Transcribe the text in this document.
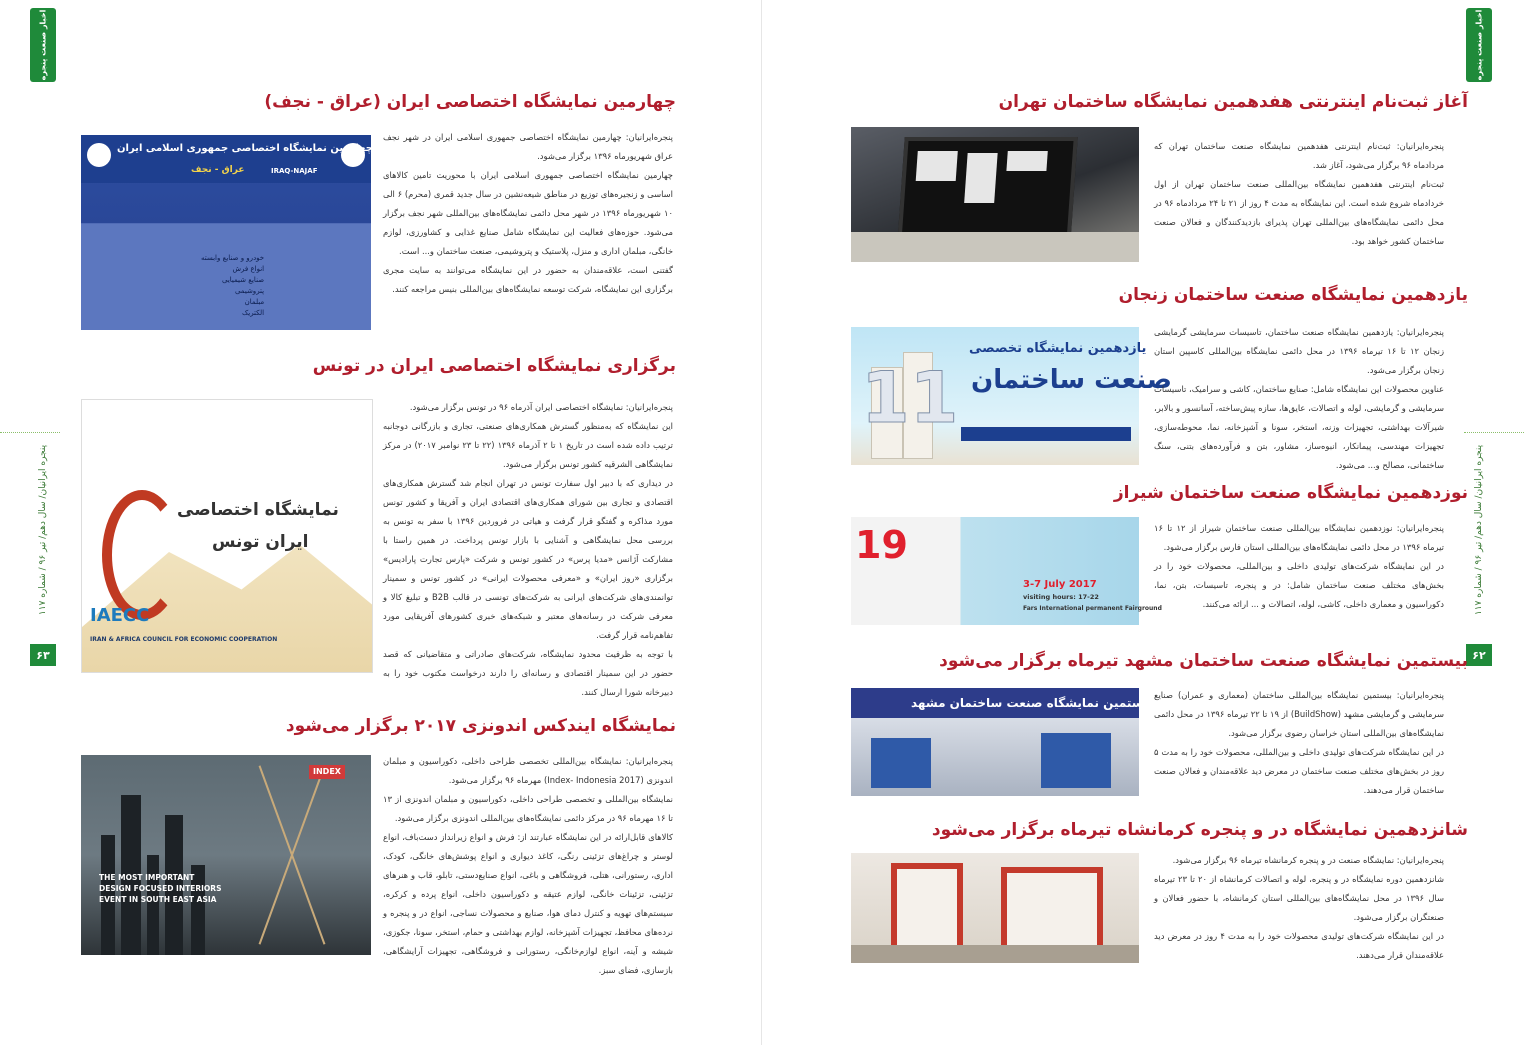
اخبار صنعت پنجره
پنجره ایرانیان/ سال دهم/ تیر ۹۶ / شماره ۱۱۷
۶۳
چهارمین نمایشگاه اختصاصی ایران (عراق - نجف)
چهارمین نمایشگاه اختصاصی جمهوری اسلامی ایران
عراق - نجف	IRAQ-NAJAF
خودرو و صنایع وابسته
انواع فرش
صنایع شیمیایی
پتروشیمی
مبلمان
الکتریک

پنجره‌ایرانیان: چهارمین نمایشگاه اختصاصی جمهوری اسلامی ایران در شهر نجف عراق شهریورماه ۱۳۹۶ برگزار می‌شود.

چهارمین نمایشگاه اختصاصی جمهوری اسلامی ایران با محوریت تامین کالاهای اساسی و زنجیره‌های توزیع در مناطق شیعه‌نشین در سال جدید قمری (محرم) ۶ الی ۱۰ شهریورماه ۱۳۹۶ در شهر محل دائمی نمایشگاه‌های بین‌المللی شهر نجف برگزار می‌شود. حوزه‌های فعالیت این نمایشگاه شامل صنایع غذایی و کشاورزی، لوازم خانگی، مبلمان اداری و منزل، پلاستیک و پتروشیمی، صنعت ساختمان و... است.

گفتنی است، علاقه‌مندان به حضور در این نمایشگاه می‌توانند به سایت مجری برگزاری این نمایشگاه، شرکت توسعه نمایشگاه‌های بین‌المللی بنیس مراجعه کنند.

برگزاری نمایشگاه اختصاصی ایران در تونس
نمایشگاه اختصاصی
ایران تونس
IAECC
IRAN & AFRICA COUNCIL FOR ECONOMIC COOPERATION

پنجره‌ایرانیان: نمایشگاه اختصاصی ایران آذرماه ۹۶ در تونس برگزار می‌شود.

این نمایشگاه که به‌منظور گسترش همکاری‌های صنعتی، تجاری و بازرگانی دوجانبه ترتیب داده شده است در تاریخ ۱ تا ۲ آذرماه ۱۳۹۶ (۲۲ تا ۲۳ نوامبر ۲۰۱۷) در مرکز نمایشگاهی الشرقیه کشور تونس برگزار می‌شود.

در دیداری که با دبیر اول سفارت تونس در تهران انجام شد گسترش همکاری‌های اقتصادی و تجاری بین شورای همکاری‌های اقتصادی ایران و آفریقا و کشور تونس مورد مذاکره و گفتگو قرار گرفت و هیاتی در فروردین ۱۳۹۶ با سفر به تونس به بررسی محل نمایشگاهی و آشنایی با بازار تونس پرداخت. در همین راستا با مشارکت آژانس «مدیا پرس» در کشور تونس و شرکت «پارس تجارت پارادیس» برگزاری «روز ایران» و «معرفی محصولات ایرانی» در کشور تونس و سمینار توانمندی‌های شرکت‌های ایرانی به شرکت‌های تونسی در قالب B2B و تبلیغ کالا و معرفی شرکت در رسانه‌های معتبر و شبکه‌های خبری کشورهای آفریقایی مورد تفاهم‌نامه قرار گرفت.

با توجه به ظرفیت محدود نمایشگاه، شرکت‌های صادراتی و متقاضیانی که قصد حضور در این سمینار اقتصادی و رسانه‌ای را دارند درخواست مکتوب خود را به دبیرخانه شورا ارسال کنند.

نمایشگاه ایندکس اندونزی ۲۰۱۷ برگزار می‌شود
INDEX
THE MOST IMPORTANT
DESIGN FOCUSED INTERIORS
EVENT IN SOUTH EAST ASIA

پنجره‌ایرانیان: نمایشگاه بین‌المللی تخصصی طراحی داخلی، دکوراسیون و مبلمان اندونزی (Index- Indonesia 2017) مهرماه ۹۶ برگزار می‌شود.

نمایشگاه بین‌المللی و تخصصی طراحی داخلی، دکوراسیون و مبلمان اندونزی از ۱۳ تا ۱۶ مهرماه ۹۶ در مرکز دائمی نمایشگاه‌های بین‌المللی اندونزی برگزار می‌شود.

کالاهای قابل‌ارائه در این نمایشگاه عبارتند از: فرش و انواع زیرانداز دست‌باف، انواع لوستر و چراغ‌های تزئینی رنگی، کاغذ دیواری و انواع پوشش‌های خانگی، کودک، اداری، رستورانی، هتلی، فروشگاهی و باغی، انواع صنایع‌دستی، تابلو، قاب و هنرهای تزئینی، تزئینات خانگی، لوازم عتیقه و دکوراسیون داخلی، انواع پرده و کرکره، سیستم‌های تهویه و کنترل دمای هوا، صنایع و محصولات نساجی، انواع در و پنجره و نرده‌های محافظ، تجهیزات آشپزخانه، لوازم بهداشتی و حمام، استخر، سونا، جکوزی، شیشه و آینه، انواع لوازم‌خانگی، رستورانی و فروشگاهی، تجهیزات آرایشگاهی، بازسازی، فضای سبز.

اخبار صنعت پنجره
پنجره ایرانیان/ سال دهم/ تیر ۹۶ / شماره ۱۱۷
۶۲
آغاز ثبت‌نام اینترنتی هفدهمین نمایشگاه ساختمان تهران

پنجره‌ایرانیان: ثبت‌نام اینترنتی هفدهمین نمایشگاه صنعت ساختمان تهران که مردادماه ۹۶ برگزار می‌شود، آغاز شد.

ثبت‌نام اینترنتی هفدهمین نمایشگاه بین‌المللی صنعت ساختمان تهران از اول خردادماه شروع شده است. این نمایشگاه به مدت ۴ روز از ۲۱ تا ۲۴ مردادماه ۹۶ در محل دائمی نمایشگاه‌های بین‌المللی تهران پذیرای بازدیدکنندگان و فعالان صنعت ساختمان کشور خواهد بود.

یازدهمین نمایشگاه صنعت ساختمان زنجان
11
یازدهمین نمایشگاه تخصصی
صنعت ساختمان

پنجره‌ایرانیان: یازدهمین نمایشگاه صنعت ساختمان، تاسیسات سرمایشی گرمایشی زنجان ۱۲ تا ۱۶ تیرماه ۱۳۹۶ در محل دائمی نمایشگاه بین‌المللی کاسپین استان زنجان برگزار می‌شود.

عناوین محصولات این نمایشگاه شامل: صنایع ساختمان، کاشی و سرامیک، تاسیسات سرمایشی و گرمایشی، لوله و اتصالات، عایق‌ها، سازه پیش‌ساخته، آسانسور و بالابر، شیرآلات بهداشتی، تجهیزات وزنه، استخر، سونا و آشپزخانه، نما، محوطه‌سازی، تجهیزات مهندسی، پیمانکار، انبوه‌ساز، مشاور، بتن و فرآورده‌های بتنی، سنگ ساختمانی، مصالح و... می‌شود.

نوزدهمین نمایشگاه صنعت ساختمان شیراز
19
3-7 July 2017
visiting hours: 17-22
Fars International permanent Fairground

پنجره‌ایرانیان: نوزدهمین نمایشگاه بین‌المللی صنعت ساختمان شیراز از ۱۲ تا ۱۶ تیرماه ۱۳۹۶ در محل دائمی نمایشگاه‌های بین‌المللی استان فارس برگزار می‌شود.

در این نمایشگاه شرکت‌های تولیدی داخلی و بین‌المللی، محصولات خود را در بخش‌های مختلف صنعت ساختمان شامل: در و پنجره، تاسیسات، بتن، نما، دکوراسیون و معماری داخلی، کاشی، لوله، اتصالات و ... ارائه می‌کنند.

بیستمین نمایشگاه صنعت ساختمان مشهد تیرماه برگزار می‌شود
بیستمین نمایشگاه صنعت ساختمان مشهد

پنجره‌ایرانیان: بیستمین نمایشگاه بین‌المللی ساختمان (معماری و عمران) صنایع سرمایشی و گرمایشی مشهد (BuildShow) از ۱۹ تا ۲۲ تیرماه ۱۳۹۶ در محل دائمی نمایشگاه‌های بین‌المللی استان خراسان رضوی برگزار می‌شود.

در این نمایشگاه شرکت‌های تولیدی داخلی و بین‌المللی، محصولات خود را به مدت ۵ روز در بخش‌های مختلف صنعت ساختمان در معرض دید علاقه‌مندان و فعالان صنعت ساختمان قرار می‌دهند.

شانزدهمین نمایشگاه در و پنجره کرمانشاه تیرماه برگزار می‌شود

پنجره‌ایرانیان: نمایشگاه صنعت در و پنجره کرمانشاه تیرماه ۹۶ برگزار می‌شود.

شانزدهمین دوره نمایشگاه در و پنجره، لوله و اتصالات کرمانشاه از ۲۰ تا ۲۳ تیرماه سال ۱۳۹۶ در محل نمایشگاه‌های بین‌المللی استان کرمانشاه، با حضور فعالان و صنعتگران برگزار می‌شود.

در این نمایشگاه شرکت‌های تولیدی محصولات خود را به مدت ۴ روز در معرض دید علاقه‌مندان قرار می‌دهند.
